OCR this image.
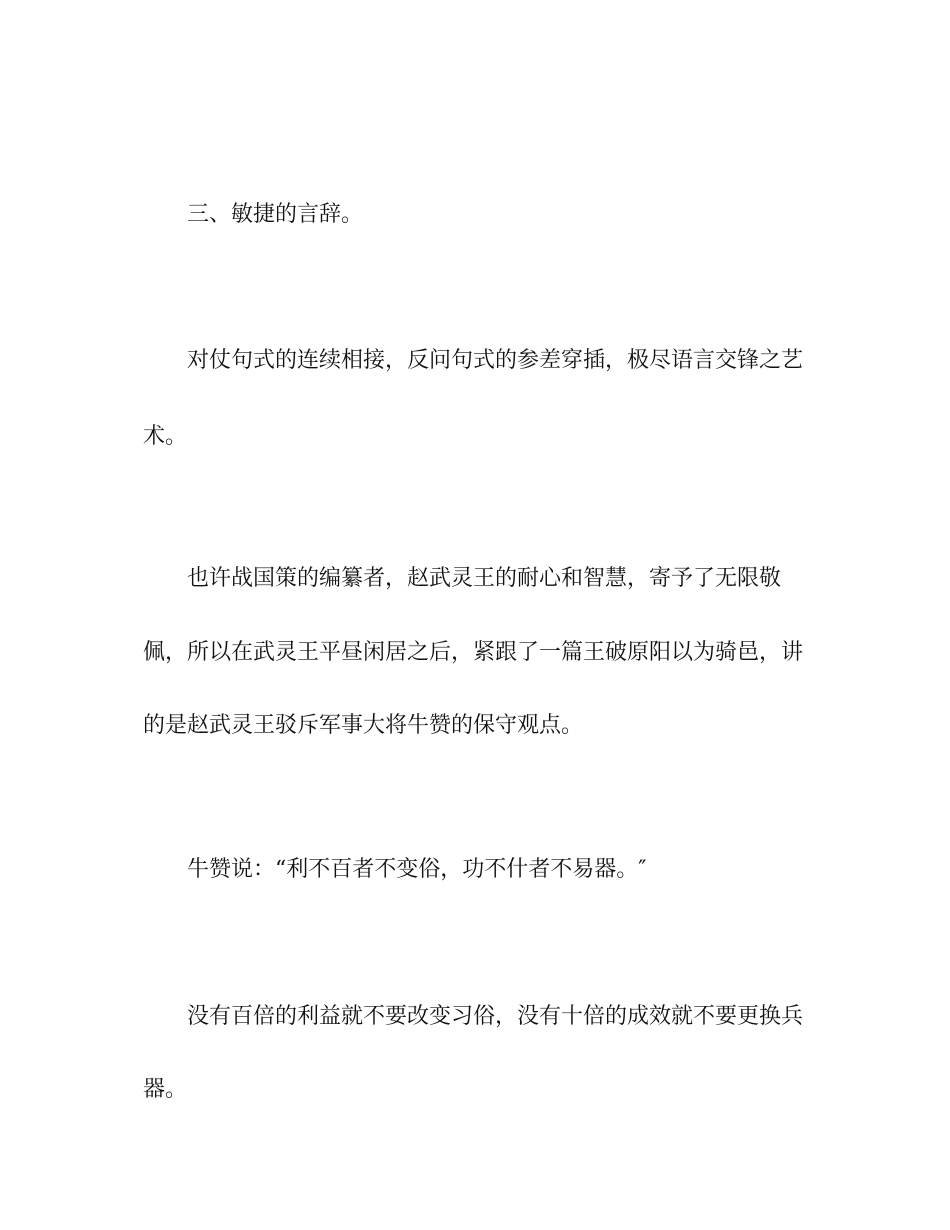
三、敏捷的言辞。

对仗句式的连续相接，反问句式的参差穿插，极尽语言交锋之艺

术。

也许战国策的编纂者，赵武灵王的耐心和智慧，寄予了无限敬

佩，所以在武灵王平昼闲居之后，紧跟了一篇王破原阳以为骑邑，讲

的是赵武灵王驳斥军事大将牛赞的保守观点。

牛赞说：“利不百者不变俗，功不什者不易器。″

没有百倍的利益就不要改变习俗，没有十倍的成效就不要更换兵

器。
